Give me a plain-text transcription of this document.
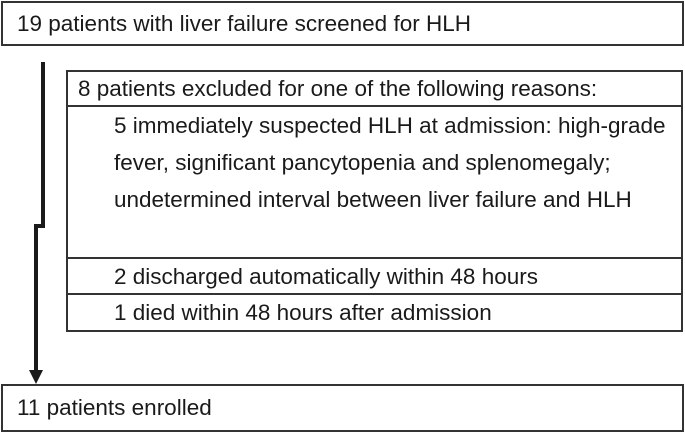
19 patients with liver failure screened for HLH
8 patients excluded for one of the following reasons:
5 immediately suspected HLH at admission: high-grade fever, significant pancytopenia and splenomegaly; undetermined interval between liver failure and HLH
2 discharged automatically within 48 hours
1 died within 48 hours after admission
11 patients enrolled
